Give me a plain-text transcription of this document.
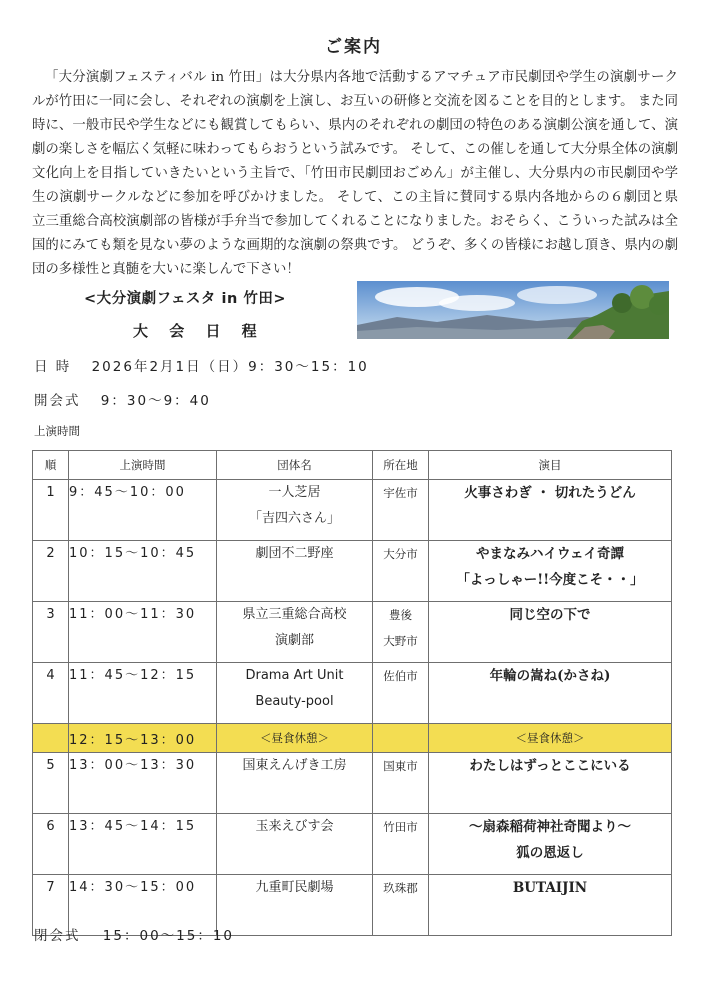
ご案内

「大分演劇フェスティバル in 竹田」は大分県内各地で活動するアマチュア市民劇団や学生の演劇サークルが竹田に一同に会し、それぞれの演劇を上演し、お互いの研修と交流を図ることを目的とします。 また同時に、一般市民や学生などにも観賞してもらい、県内のそれぞれの劇団の特色のある演劇公演を通して、演劇の楽しさを幅広く気軽に味わってもらおうという試みです。 そして、この催しを通して大分県全体の演劇文化向上を目指していきたいという主旨で、「竹田市民劇団おごめん」が主催し、大分県内の市民劇団や学生の演劇サークルなどに参加を呼びかけました。 そして、この主旨に賛同する県内各地からの６劇団と県立三重総合高校演劇部の皆様が手弁当で参加してくれることになりました。おそらく、こういった試みは全国的にみても類を見ない夢のような画期的な演劇の祭典です。 どうぞ、多くの皆様にお越し頂き、県内の劇団の多様性と真髄を大いに楽しんで下さい！

<大分演劇フェスタ in 竹田>
大 会 日 程
日 時 2026年2月1日（日）9：30～15：10
開会式 9：30～9：40
上演時間
順	上演時間	団体名	所在地	演目

1	9：45～10：00	一人芝居
「吉四六さん」	宇佐市	火事さわぎ ・ 切れたうどん

2	10：15～10：45	劇団不二野座	大分市	やまなみハイウェイ奇譚
「よっしゃー!!今度こそ・・」

3	11：00～11：30	県立三重総合高校
演劇部	豊後
大野市	同じ空の下で

4	11：45～12：15	Drama Art Unit
Beauty-pool	佐伯市	年輪の嵩ね(かさね)

	12：15～13：00	＜昼食休憩＞		＜昼食休憩＞

5	13：00～13：30	国東えんげき工房	国東市	わたしはずっとここにいる

6	13：45～14：15	玉来えびす会	竹田市	～扇森稲荷神社奇聞より～
狐の恩返し

7	14：30～15：00	九重町民劇場	玖珠郡	BUTAIJIN
閉会式 15：00～15：10
